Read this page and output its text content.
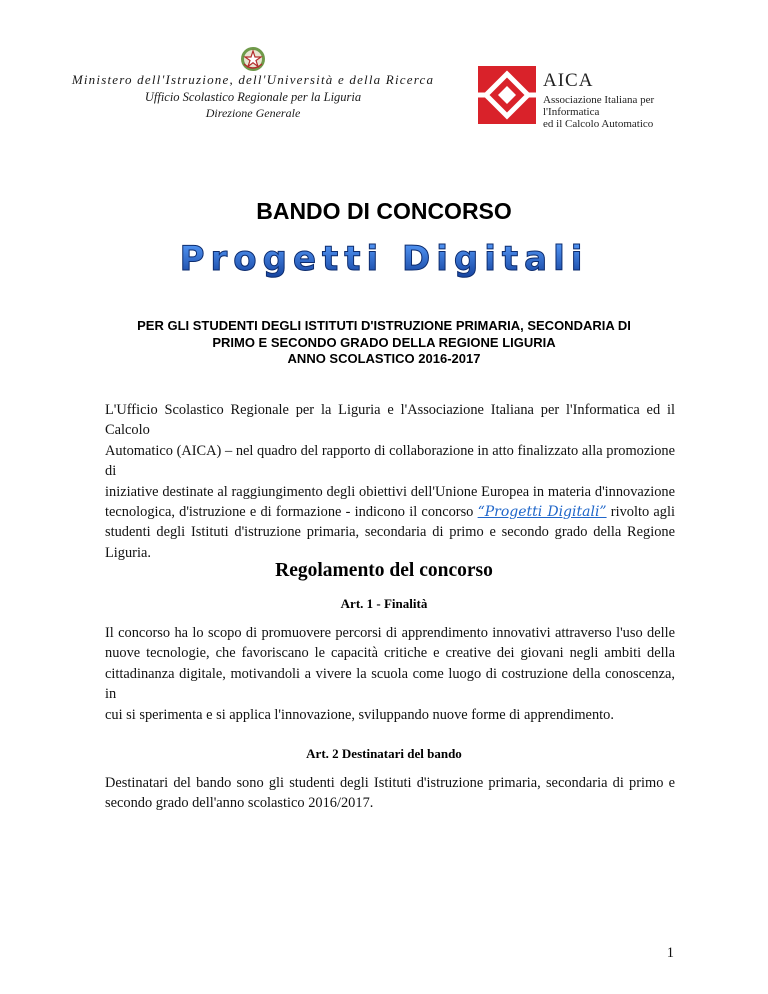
Ministero dell'Istruzione, dell'Università e della Ricerca
Ufficio Scolastico Regionale per la Liguria
Direzione Generale
AICA
Associazione Italiana per l'Informatica
ed il Calcolo Automatico
BANDO DI CONCORSO
Progetti Digitali
PER GLI STUDENTI DEGLI ISTITUTI D'ISTRUZIONE PRIMARIA, SECONDARIA DI
PRIMO E SECONDO GRADO DELLA REGIONE LIGURIA
ANNO SCOLASTICO 2016-2017
L'Ufficio Scolastico Regionale per la Liguria e l'Associazione Italiana per l'Informatica ed il Calcolo
Automatico (AICA) – nel quadro del rapporto di collaborazione in atto finalizzato alla promozione di
iniziative destinate al raggiungimento degli obiettivi dell'Unione Europea in materia d'innovazione
tecnologica, d'istruzione e di formazione - indicono il concorso “Progetti Digitali” rivolto agli
studenti degli Istituti d'istruzione primaria, secondaria di primo e secondo grado della Regione
Liguria.
Regolamento del concorso
Art. 1 - Finalità
Il concorso ha lo scopo di promuovere percorsi di apprendimento innovativi attraverso l'uso delle
nuove tecnologie, che favoriscano le capacità critiche e creative dei giovani negli ambiti della
cittadinanza digitale, motivandoli a vivere la scuola come luogo di costruzione della conoscenza, in
cui si sperimenta e si applica l'innovazione, sviluppando nuove forme di apprendimento.
Art. 2 Destinatari del bando
Destinatari del bando sono gli studenti degli Istituti d'istruzione primaria, secondaria di primo e
secondo grado dell'anno scolastico 2016/2017.
1
